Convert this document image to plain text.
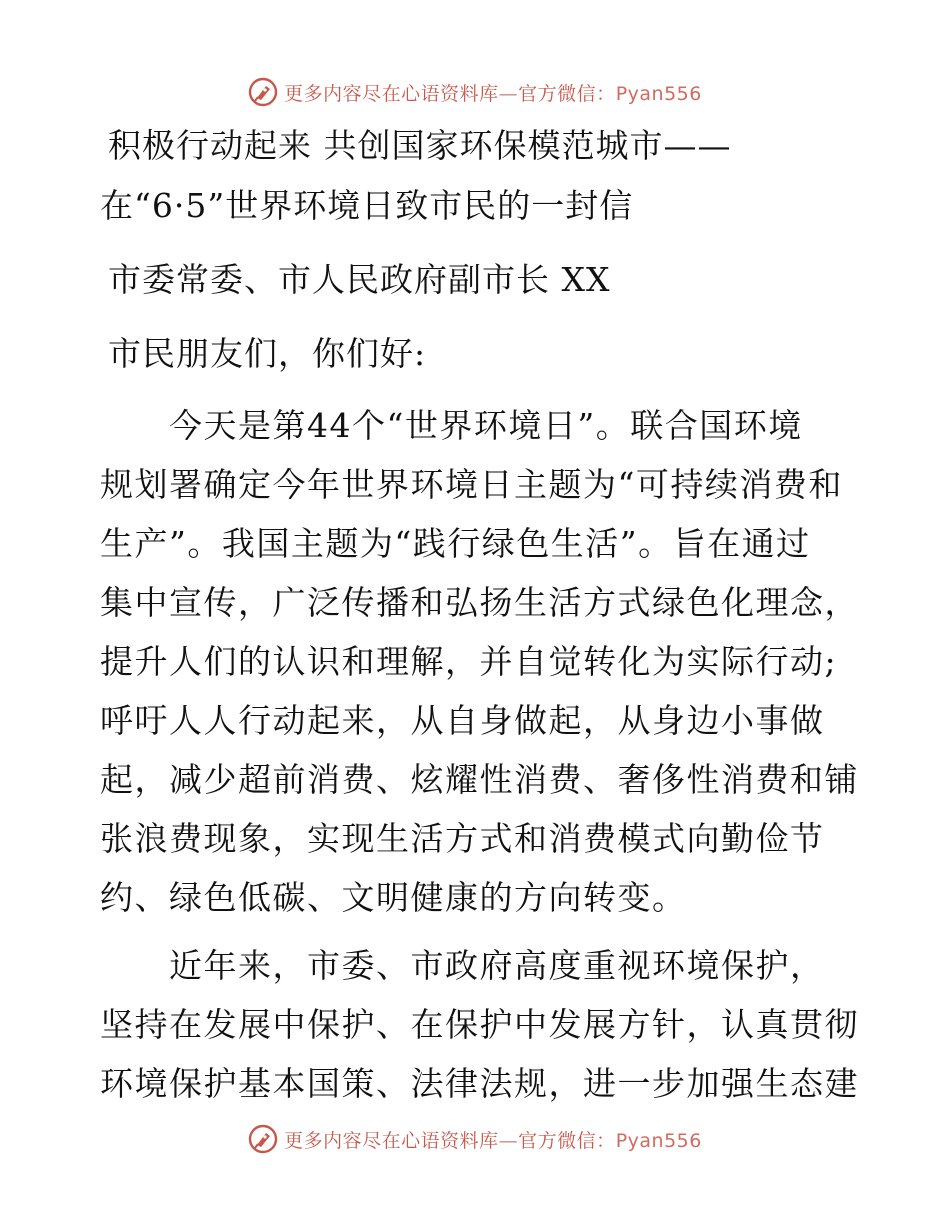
更多内容尽在心语资料库—官方微信：Pyan556
积极行动起来 共创国家环保模范城市——
在“6·5”世界环境日致市民的一封信
市委常委、市人民政府副市长 XX
市民朋友们，你们好:
　　今天是第44个“世界环境日”。联合国环境
规划署确定今年世界环境日主题为“可持续消费和
生产”。我国主题为“践行绿色生活”。旨在通过
集中宣传，广泛传播和弘扬生活方式绿色化理念，
提升人们的认识和理解，并自觉转化为实际行动;
呼吁人人行动起来，从自身做起，从身边小事做
起，减少超前消费、炫耀性消费、奢侈性消费和铺
张浪费现象，实现生活方式和消费模式向勤俭节
约、绿色低碳、文明健康的方向转变。
　　近年来，市委、市政府高度重视环境保护，
坚持在发展中保护、在保护中发展方针，认真贯彻
环境保护基本国策、法律法规，进一步加强生态建
更多内容尽在心语资料库—官方微信：Pyan556
